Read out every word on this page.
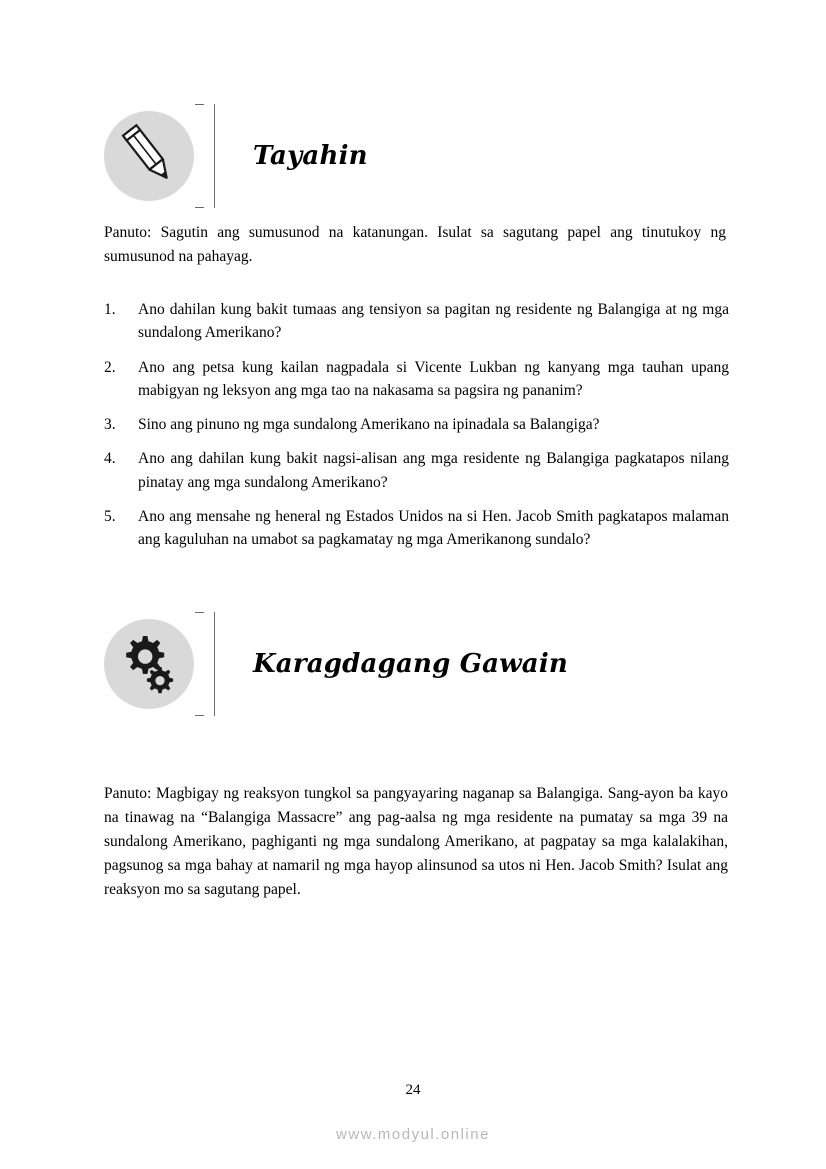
Tayahin
Panuto: Sagutin ang sumusunod na katanungan. Isulat sa sagutang papel ang tinutukoy ng sumusunod na pahayag.
1.	Ano dahilan kung bakit tumaas ang tensiyon sa pagitan ng residente ng Balangiga at ng mga sundalong Amerikano?
2.	Ano ang petsa kung kailan nagpadala si Vicente Lukban ng kanyang mga tauhan upang mabigyan ng leksyon ang mga tao na nakasama sa pagsira ng pananim?
3.	Sino ang pinuno ng mga sundalong Amerikano na ipinadala sa Balangiga?
4.	Ano ang dahilan kung bakit nagsi-alisan ang mga residente ng Balangiga pagkatapos nilang pinatay ang mga sundalong Amerikano?
5.	Ano ang mensahe ng heneral ng Estados Unidos na si Hen. Jacob Smith pagkatapos malaman ang kaguluhan na umabot sa pagkamatay ng mga Amerikanong sundalo?
Karagdagang Gawain
Panuto: Magbigay ng reaksyon tungkol sa pangyayaring naganap sa Balangiga. Sang-ayon ba kayo na tinawag na “Balangiga Massacre” ang pag-aalsa ng mga residente na pumatay sa mga 39 na sundalong Amerikano, paghiganti ng mga sundalong Amerikano, at pagpatay sa mga kalalakihan, pagsunog sa mga bahay at namaril ng mga hayop alinsunod sa utos ni Hen. Jacob Smith? Isulat ang reaksyon mo sa sagutang papel.
24
www.modyul.online
